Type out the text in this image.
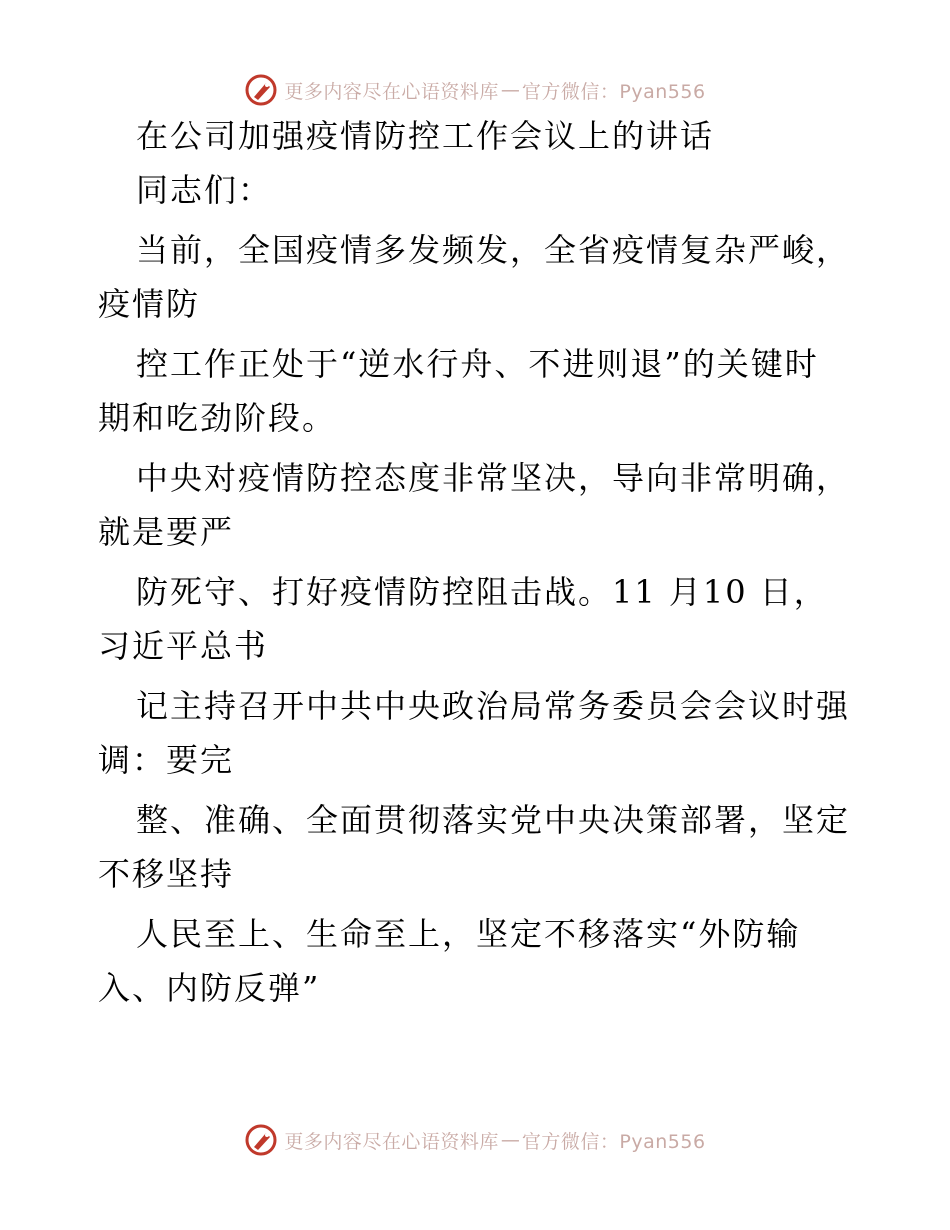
更多内容尽在心语资料库 — 官方微信：Pyan556
在公司加强疫情防控工作会议上的讲话
同志们：
当前，全国疫情多发频发，全省疫情复杂严峻，
疫情防
控工作正处于“逆水行舟、不进则退”的关键时
期和吃劲阶段。
中央对疫情防控态度非常坚决，导向非常明确，
就是要严
防死守、打好疫情防控阻击战。11 月10 日，
习近平总书
记主持召开中共中央政治局常务委员会会议时强
调：要完
整、准确、全面贯彻落实党中央决策部署，坚定
不移坚持
人民至上、生命至上，坚定不移落实“外防输
入、内防反弹”
更多内容尽在心语资料库 — 官方微信：Pyan556
